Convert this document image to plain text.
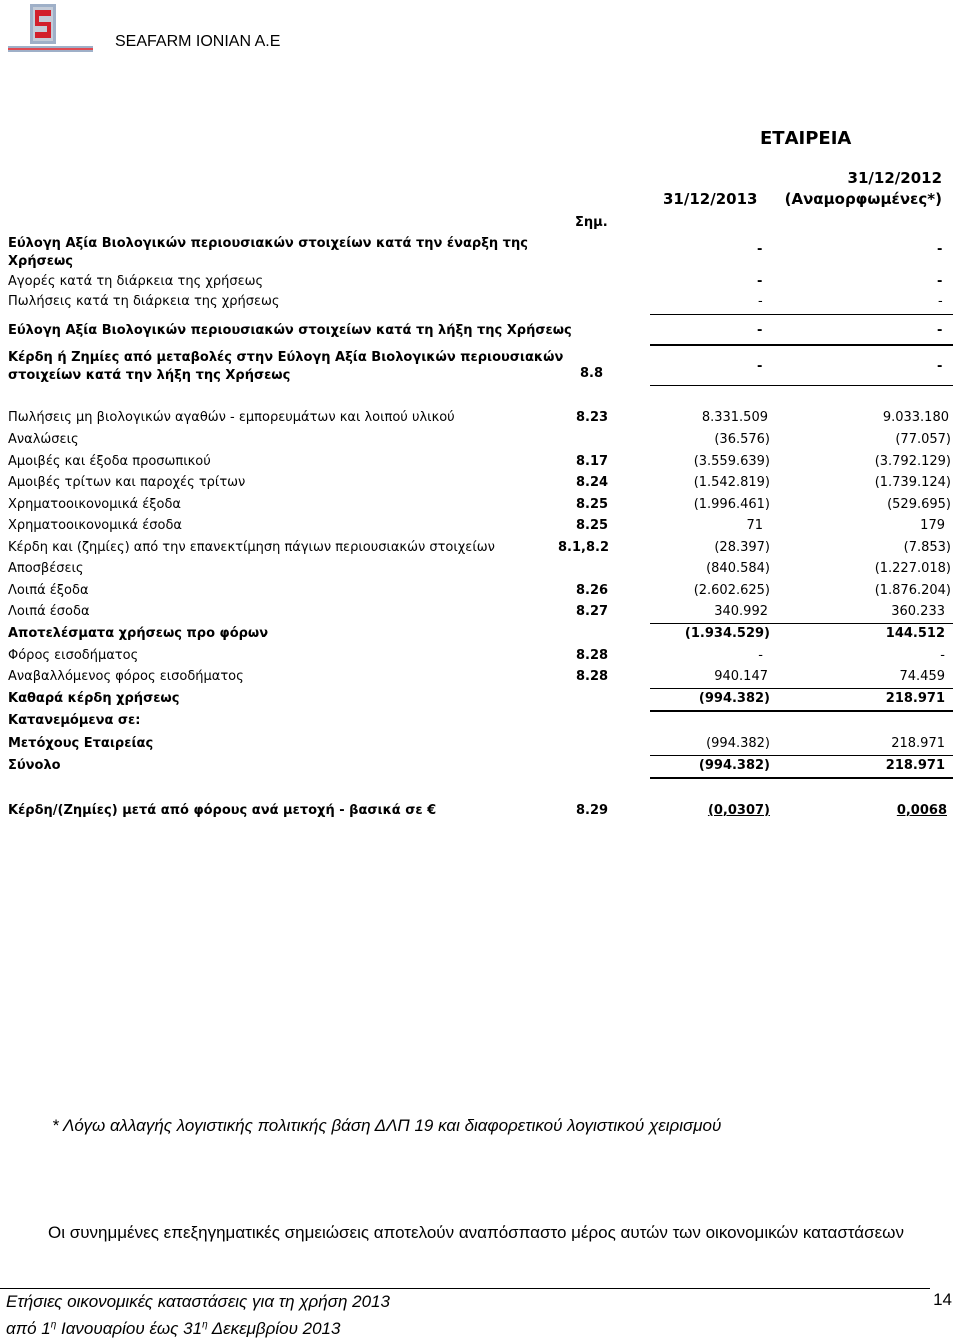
SEAFARM IONIAN A.E
ΕΤΑΙΡΕΙΑ
31/12/2013
31/12/2012
(Αναμορφωμένες*)
Σημ.
Εύλογη Αξία Βιολογικών περιουσιακών στοιχείων κατά την έναρξη της
Χρήσεως
-	-
Αγορές κατά τη διάρκεια της χρήσεως	-	-
Πωλήσεις κατά τη διάρκεια της χρήσεως	-	-
Εύλογη Αξία Βιολογικών περιουσιακών στοιχείων κατά τη λήξη της Χρήσεως	-	-
Κέρδη ή Ζημίες από μεταβολές στην Εύλογη Αξία Βιολογικών περιουσιακών
στοιχείων κατά την λήξη της Χρήσεως	8.8	-	-
Πωλήσεις μη βιολογικών αγαθών - εμπορευμάτων και λοιπού υλικού	8.23	8.331.509	9.033.180
Αναλώσεις	(36.576)	(77.057)
Αμοιβές και έξοδα προσωπικού	8.17	(3.559.639)	(3.792.129)
Αμοιβές τρίτων και παροχές τρίτων	8.24	(1.542.819)	(1.739.124)
Χρηματοοικονομικά έξοδα	8.25	(1.996.461)	(529.695)
Χρηματοοικονομικά έσοδα	8.25	71	179
Κέρδη και (ζημίες) από την επανεκτίμηση πάγιων περιουσιακών στοιχείων	8.1,8.2	(28.397)	(7.853)
Αποσβέσεις	(840.584)	(1.227.018)
Λοιπά έξοδα	8.26	(2.602.625)	(1.876.204)
Λοιπά έσοδα	8.27	340.992	360.233
Αποτελέσματα χρήσεως προ φόρων	(1.934.529)	144.512
Φόρος εισοδήματος	8.28	-	-
Αναβαλλόμενος φόρος εισοδήματος	8.28	940.147	74.459
Καθαρά κέρδη χρήσεως	(994.382)	218.971
Κατανεμόμενα σε:
Μετόχους Εταιρείας	(994.382)	218.971
Σύνολο	(994.382)	218.971
Κέρδη/(Ζημίες) μετά από φόρους ανά μετοχή - βασικά σε €	8.29	(0,0307)	0,0068
* Λόγω αλλαγής λογιστικής πολιτικής βάση ΔΛΠ 19 και διαφορετικού λογιστικού χειρισμού
Οι συνημμένες επεξηγηματικές σημειώσεις αποτελούν αναπόσπαστο μέρος αυτών των οικονομικών καταστάσεων
Ετήσιες οικονομικές καταστάσεις για τη χρήση 2013
από $1^\eta$ Ιανουαρίου έως $31^\eta$ Δεκεμβρίου 2013
14
